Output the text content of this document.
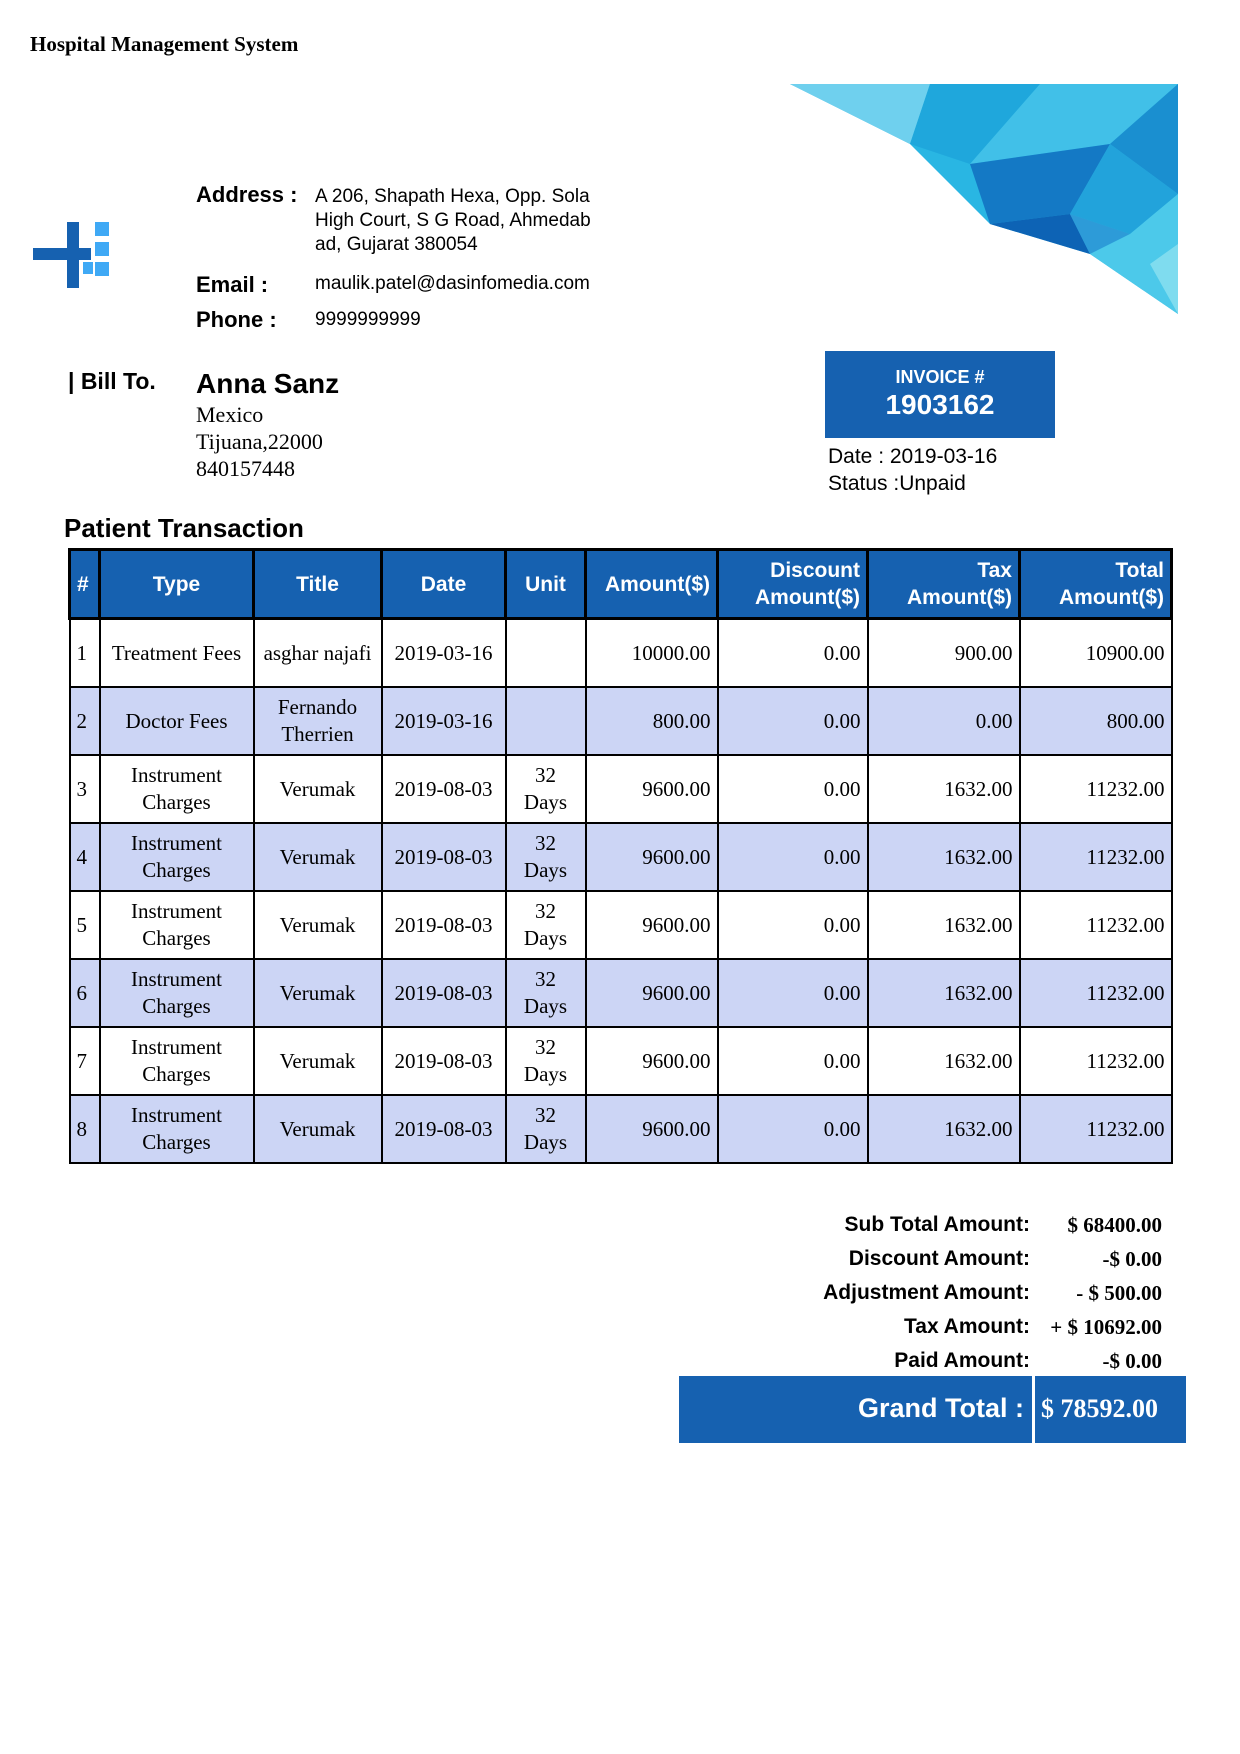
Hospital Management System
Address : A 206, Shapath Hexa, Opp. Sola
High Court, S G Road, Ahmedab
ad, Gujarat 380054
Email : maulik.patel@dasinfomedia.com
Phone : 9999999999
| Bill To. Anna Sanz
Mexico
Tijuana,22000
840157448
INVOICE #
1903162
Date : 2019-03-16
Status :Unpaid
Patient Transaction
#	Type	Title	Date	Unit	Amount($)	Discount Amount($)	Tax Amount($)	Total Amount($)
1	Treatment Fees	asghar najafi	2019-03-16		10000.00	0.00	900.00	10900.00
2	Doctor Fees	Fernando Therrien	2019-03-16		800.00	0.00	0.00	800.00
3	Instrument Charges	Verumak	2019-08-03	32 Days	9600.00	0.00	1632.00	11232.00
4	Instrument Charges	Verumak	2019-08-03	32 Days	9600.00	0.00	1632.00	11232.00
5	Instrument Charges	Verumak	2019-08-03	32 Days	9600.00	0.00	1632.00	11232.00
6	Instrument Charges	Verumak	2019-08-03	32 Days	9600.00	0.00	1632.00	11232.00
7	Instrument Charges	Verumak	2019-08-03	32 Days	9600.00	0.00	1632.00	11232.00
8	Instrument Charges	Verumak	2019-08-03	32 Days	9600.00	0.00	1632.00	11232.00
Sub Total Amount: $ 68400.00
Discount Amount:	-$ 0.00
Adjustment Amount: - $ 500.00
Tax Amount: + $ 10692.00
Paid Amount:	-$ 0.00
Grand Total : $ 78592.00
